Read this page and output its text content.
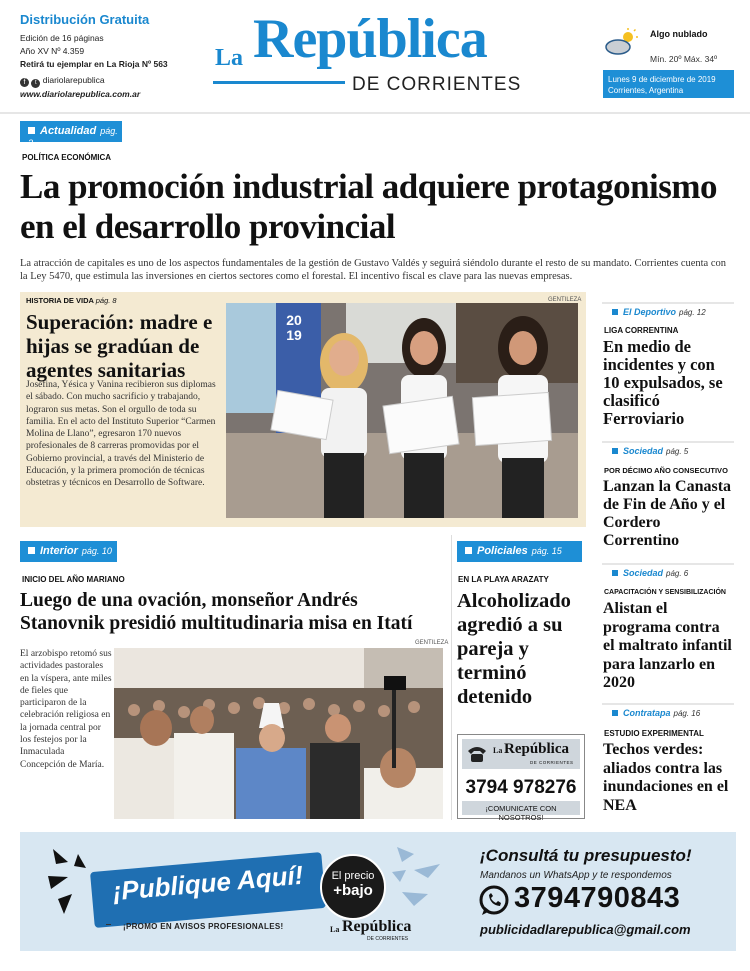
Distribución Gratuita
Edición de 16 páginas
Año XV Nº 4.359
Retirá tu ejemplar en La Rioja Nº 563
f t diariolarepublica
www.diariolarepublica.com.ar
La República
DE CORRIENTES
Algo nublado
Mín. 20º Máx. 34º
Lunes 9 de diciembre de 2019
Corrientes, Argentina
Actualidad pág. 3
POLÍTICA ECONÓMICA
La promoción industrial adquiere protagonismo en el desarrollo provincial
La atracción de capitales es uno de los aspectos fundamentales de la gestión de Gustavo Valdés y seguirá siéndolo durante el resto de su mandato. Corrientes cuenta con la Ley 5470, que estimula las inversiones en ciertos sectores como el forestal. El incentivo fiscal es clave para las nuevas empresas.
HISTORIA DE VIDA pág. 8	GENTILEZA
Superación: madre e hijas se gradúan de agentes sanitarias
Josefina, Yésica y Vanina recibieron sus diplomas el sábado. Con mucho sacrificio y trabajando, lograron sus metas. Son el orgullo de toda su familia. En el acto del Instituto Superior “Carmen Molina de Llano”, egresaron 170 nuevos profesionales de 8 carreras promovidas por el Gobierno provincial, a través del Ministerio de Educación, y la primera promoción de técnicas obstetras y técnicos en Desarrollo de Software.
2019
El Deportivo pág. 12
LIGA CORRENTINA
En medio de incidentes y con 10 expulsados, se clasificó Ferroviario
Sociedad pág. 5
POR DÉCIMO AÑO CONSECUTIVO
Lanzan la Canasta de Fin de Año y el Cordero Correntino
Sociedad pág. 6
CAPACITACIÓN Y SENSIBILIZACIÓN
Alistan el programa contra el maltrato infantil para lanzarlo en 2020
Contratapa pág. 16
ESTUDIO EXPERIMENTAL
Techos verdes: aliados contra las inundaciones en el NEA
Interior pág. 10
INICIO DEL AÑO MARIANO
Luego de una ovación, monseñor Andrés Stanovnik presidió multitudinaria misa en Itatí
GENTILEZA
El arzobispo retomó sus actividades pastorales en la víspera, ante miles de fieles que participaron de la celebración religiosa en la jornada central por los festejos por la Inmaculada Concepción de María.
Policiales pág. 15
EN LA PLAYA ARAZATY
Alcoholizado agredió a su pareja y terminó detenido
La República
DE CORRIENTES
3794 978276
¡COMUNICATE CON NOSOTROS!
¡Publique Aquí!	El precio
+bajo
¡PROMO EN AVISOS PROFESIONALES!	La República
DE CORRIENTES
¡Consultá tu presupuesto!
Mandanos un WhatsApp y te respondemos
3794790843
publicidadlarepublica@gmail.com
